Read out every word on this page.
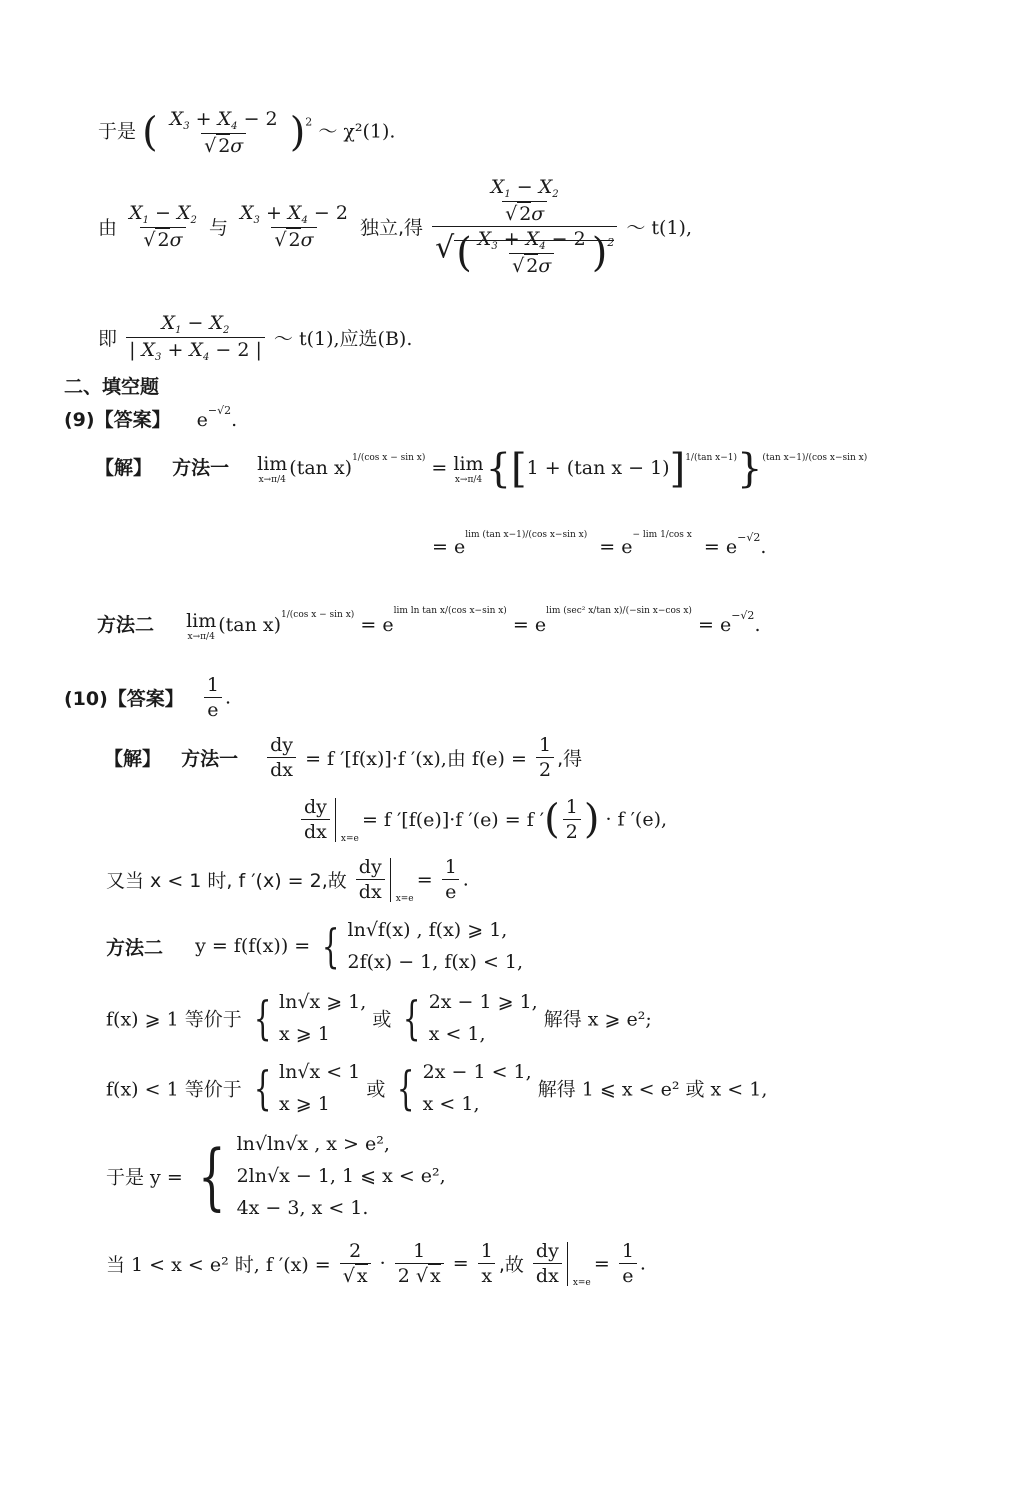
于是 ( $\frac{X_3 + X_4 - 2}{√ 2\sigma} )^2$ ～ χ²(1).
由 $\frac{X_1 - X_2}{√ 2\sigma}$ 与 $\frac{X_3 + X_4 - 2}{√ 2\sigma}$ 独立,得 $\frac{\frac{X_1 - X_2}{√ 2\sigma}}{√( \frac{X_3 + X_4 - 2}{√ 2\sigma} )^2}$ ～ t(1),
即 $\frac{X_1 - X_2}{| X_3 + X_4 - 2 |}$ ～ t(1),应选(B).
二、填空题
(9)【答案】 $e^{-√2}$.
【解】 方法一 lim
x→π/4
(tan x)$^{1/(cos x - sin x)}$ = lim
x→π/4 {[1 + (tan x − 1)]$^{1/(tan x-1)}$}$^{(tan x-1)/(cos x-sin x)}$
= $e^{lim (tan x-1)/(cos x-sin x)} = e^{- lim 1/cos x} = e^{-√2}$.
方法二 lim
x→π/4
(tan $x)^{1/(cos x - sin x)} = e^{lim ln tan x/(cos x-sin x)} = e^{lim (sec^2 x/tan x)/(-sin x-cos x)} = e^{-√2}$.
(10)【答案】 $\frac{1}{e}$ .
【解】 方法一 $\frac{dy}{dx} = f$ ′[f(x)]·f ′(x),由 $f(e) = \frac{1}{2}$ ,得
$\frac{dy}{dx} x=e$
= f ′[f(e)]·f ′(e) = f ′( $\frac{1}{2}$ ) · f ′(e),
又当 x < 1 时, f ′(x) = 2,故 $\frac{dy}{dx} x=e$
= $\frac{1}{e}$ .
方法二 y = f(f(x)) = { ln√f(x) , f(x) ⩾ 1,
2f(x) − 1, f(x) < 1,
f(x) ⩾ 1 等价于 { ln√x ⩾ 1,
x ⩾ 1
或 { 2x − 1 ⩾ 1,
x < 1,
解得 x ⩾ e²;
f(x) < 1 等价于 { ln√x < 1
x ⩾ 1
或 { 2x − 1 < 1,
x < 1,
解得 1 ⩽ x < e² 或 x < 1,
于是 y = { ln√ln√x , x > e²,
2ln√x − 1, 1 ⩽ x < e²,
4x − 3, x < 1.
当 1 < x < e² 时, f $'(x) = \frac{2}{√ x} \cdot \frac{1}{2 √ x} = \frac{1}{x}$ ,故 $\frac{dy}{dx} x=e$
= $\frac{1}{e}$ .
